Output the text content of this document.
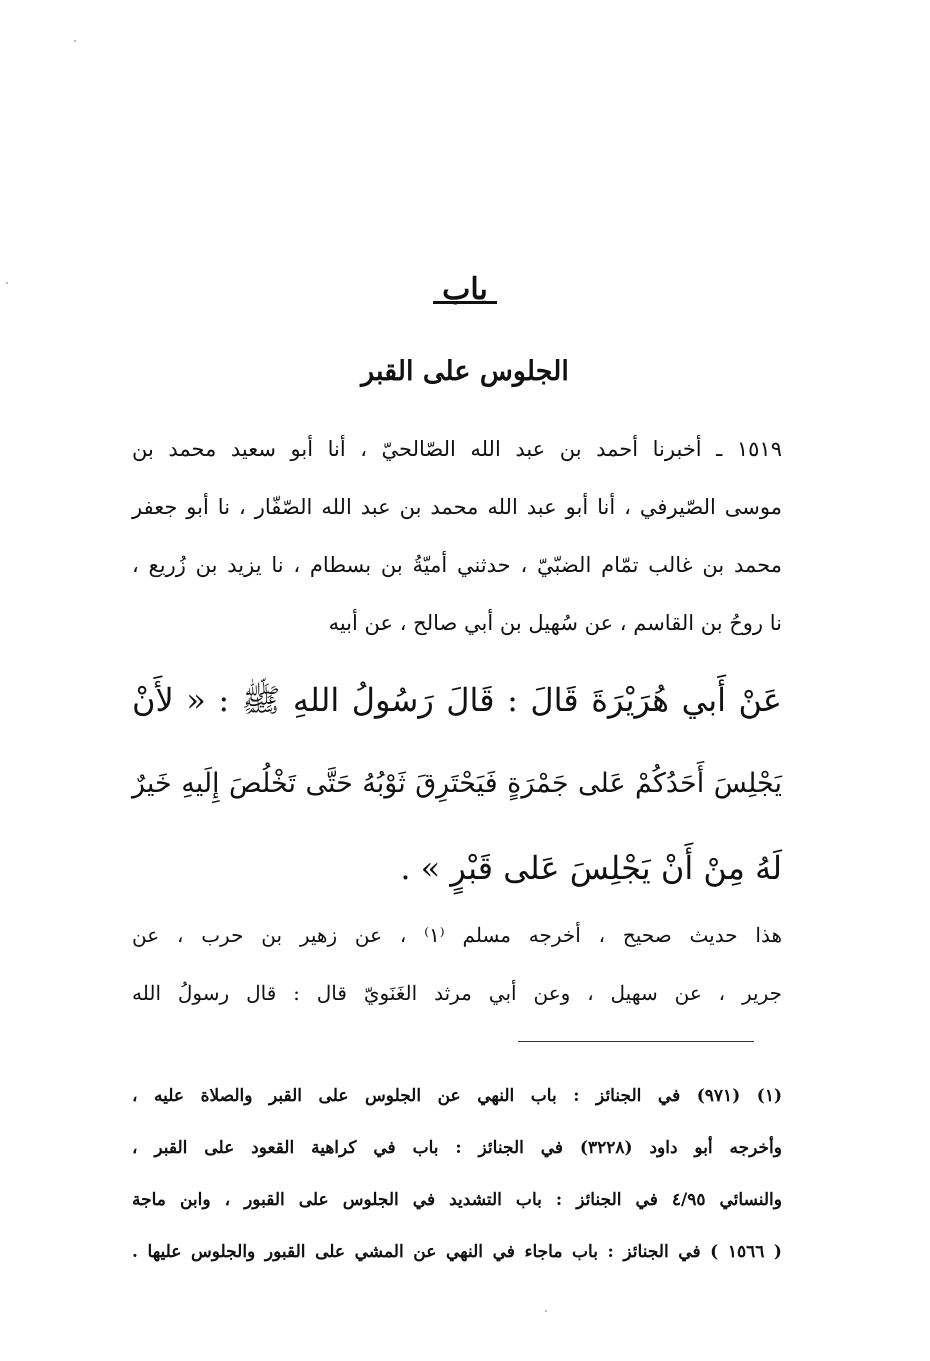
باب
الجلوس على القبر
١٥١٩ ـ أخبرنا أحمد بن عبد الله الصّالحيّ ، أنا أبو سعيد محمد بن
موسى الصّيرفي ، أنا أبو عبد الله محمد بن عبد الله الصّفّار ، نا أبو جعفر
محمد بن غالب تمّام الضبّيّ ، حدثني أميّةُ بن بسطام ، نا يزيد بن زُريع ،
نا روحُ بن القاسم ، عن سُهيل بن أبي صالح ، عن أبيه
عَنْ أَبي هُرَيْرَةَ قَالَ : قَالَ رَسُولُ اللهِ ﷺ : « لأَنْ
يَجْلِسَ أَحَدُكُمْ عَلى جَمْرَةٍ فَيَحْتَرِقَ ثَوْبُهُ حَتَّى تَخْلُصَ إِلَيهِ خَيرٌ
لَهُ مِنْ أَنْ يَجْلِسَ عَلى قَبْرٍ » .
هذا حديث صحيح ، أخرجه مسلم ⁽١⁾ ، عن زهير بن حرب ، عن
جرير ، عن سهيل ، وعن أبي مرثد الغَنَويّ قال : قال رسولُ الله
(١) (٩٧١) في الجنائز : باب النهي عن الجلوس على القبر والصلاة عليه ،
وأخرجه أبو داود (٣٢٢٨) في الجنائز : باب في كراهية القعود على القبر ،
والنسائي ٤/٩٥ في الجنائز : باب التشديد في الجلوس على القبور ، وابن ماجة
( ١٥٦٦ ) في الجنائز : باب ماجاء في النهي عن المشي على القبور والجلوس عليها .
